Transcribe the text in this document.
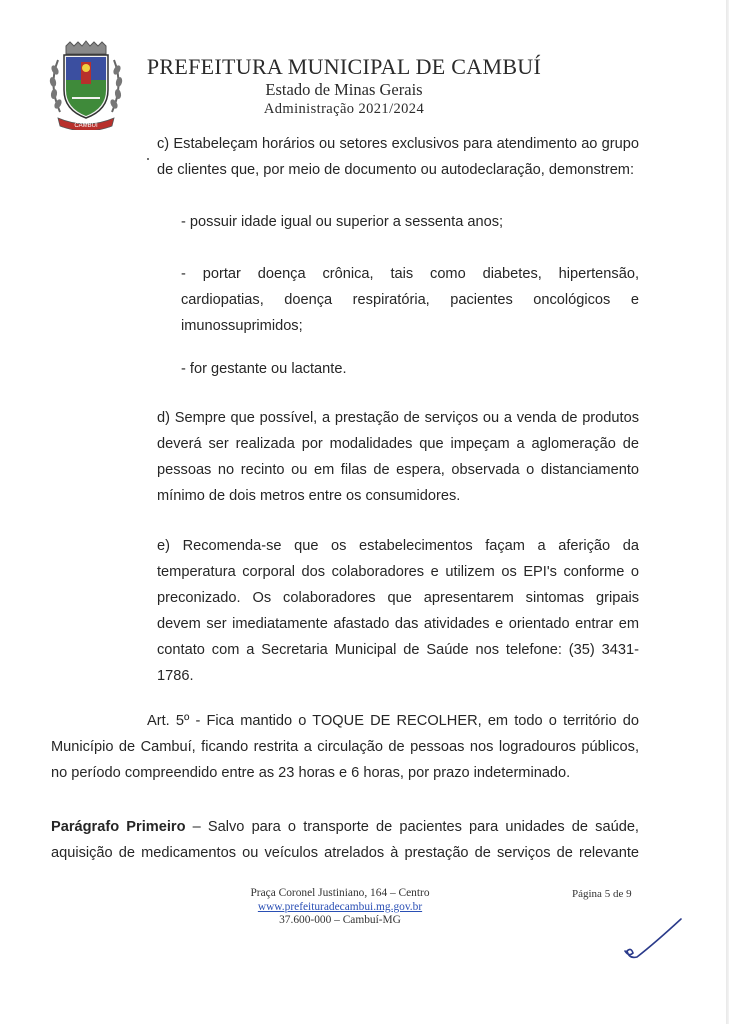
CAMBUÍ
PREFEITURA MUNICIPAL DE CAMBUÍ
Estado de Minas Gerais
Administração 2021/2024
c) Estabeleçam horários ou setores exclusivos para atendimento ao grupo
de clientes que, por meio de documento ou autodeclaração, demonstrem:
- possuir idade igual ou superior a sessenta anos;
- portar doença crônica, tais como diabetes, hipertensão,
cardiopatias, doença respiratória, pacientes oncológicos e
imunossuprimidos;
- for gestante ou lactante.
d) Sempre que possível, a prestação de serviços ou a venda de produtos
deverá ser realizada por modalidades que impeçam a aglomeração de
pessoas no recinto ou em filas de espera, observada o distanciamento
mínimo de dois metros entre os consumidores.
e) Recomenda-se que os estabelecimentos façam a aferição da
temperatura corporal dos colaboradores e utilizem os EPI's conforme o
preconizado. Os colaboradores que apresentarem sintomas gripais
devem ser imediatamente afastado das atividades e orientado entrar em
contato com a Secretaria Municipal de Saúde nos telefone: (35) 3431-
1786.
Art. 5º - Fica mantido o TOQUE DE RECOLHER, em todo o território do
Município de Cambuí, ficando restrita a circulação de pessoas nos logradouros públicos,
no período compreendido entre as 23 horas e 6 horas, por prazo indeterminado.
Parágrafo Primeiro – Salvo para o transporte de pacientes para unidades de saúde,
aquisição de medicamentos ou veículos atrelados à prestação de serviços de relevante
Praça Coronel Justiniano, 164 – Centro
www.prefeituradecambui.mg.gov.br
37.600-000 – Cambuí-MG
Página 5 de 9
